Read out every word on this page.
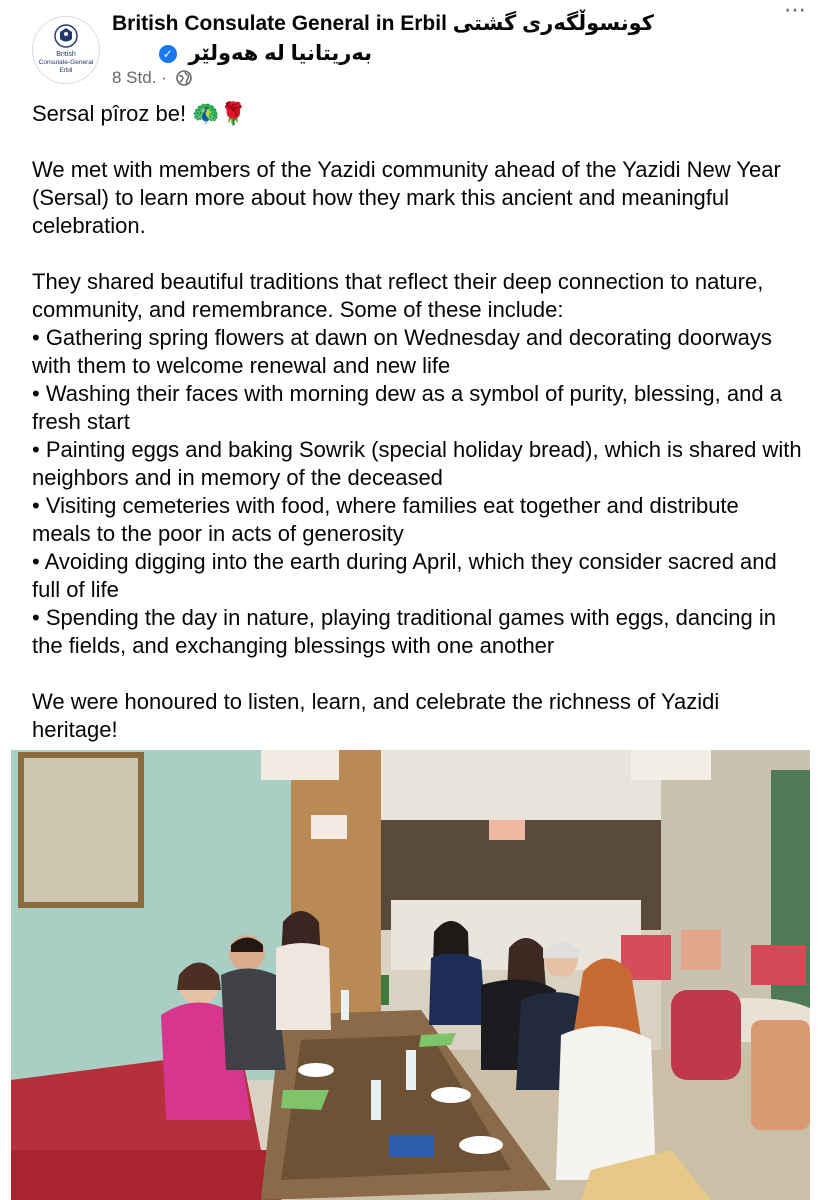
British
Consulate-General
Erbil
British Consulate General in Erbil کونسوڵگەری گشتی
✓ بەریتانیا لە هەولێر
8 Std. ·
⋯

Sersal pîroz be! 🦚🌹

We met with members of the Yazidi community ahead of the Yazidi New Year (Sersal) to learn more about how they mark this ancient and meaningful celebration.

They shared beautiful traditions that reflect their deep connection to nature, community, and remembrance. Some of these include:

• Gathering spring flowers at dawn on Wednesday and decorating doorways with them to welcome renewal and new life

• Washing their faces with morning dew as a symbol of purity, blessing, and a fresh start

• Painting eggs and baking Sowrik (special holiday bread), which is shared with neighbors and in memory of the deceased

• Visiting cemeteries with food, where families eat together and distribute meals to the poor in acts of generosity

• Avoiding digging into the earth during April, which they consider sacred and full of life

• Spending the day in nature, playing traditional games with eggs, dancing in the fields, and exchanging blessings with one another

We were honoured to listen, learn, and celebrate the richness of Yazidi heritage!
